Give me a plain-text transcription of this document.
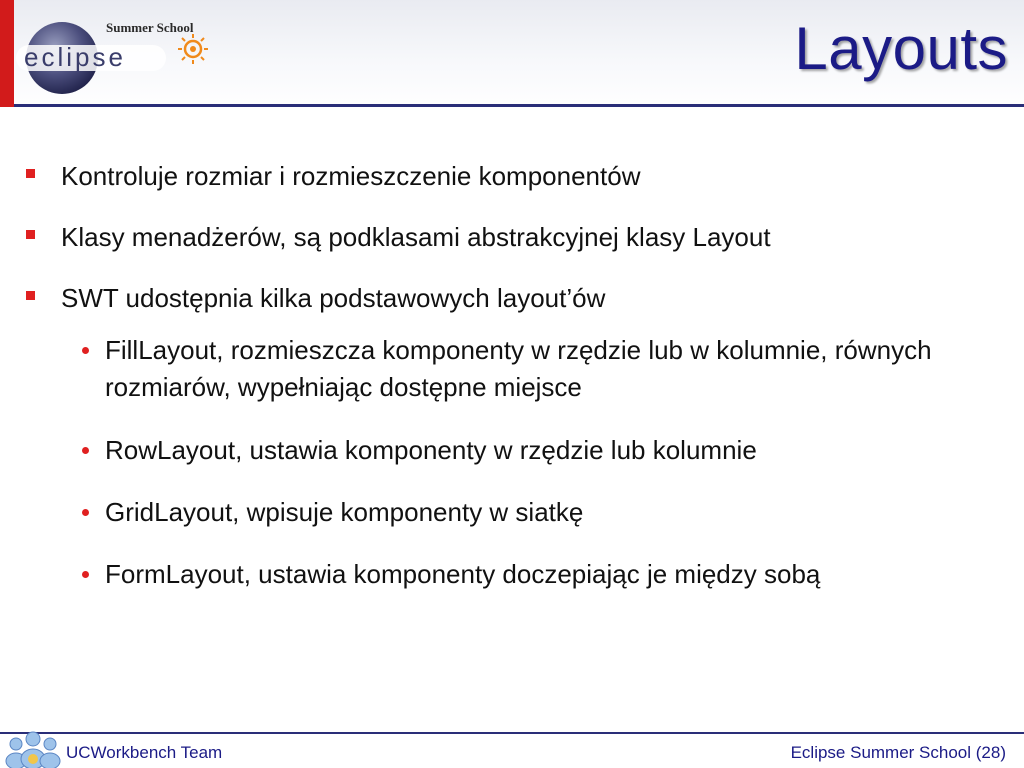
eclipse
Summer School	Layouts
Kontroluje rozmiar i rozmieszczenie komponentów
Klasy menadżerów, są podklasami abstrakcyjnej klasy Layout
SWT udostępnia kilka podstawowych layout’ów
FillLayout, rozmieszcza komponenty w rzędzie lub w kolumnie, równych rozmiarów, wypełniając dostępne miejsce
RowLayout, ustawia komponenty w rzędzie lub kolumnie
GridLayout, wpisuje komponenty w siatkę
FormLayout, ustawia komponenty doczepiając je między sobą
UCWorkbench Team	Eclipse Summer School (28)
